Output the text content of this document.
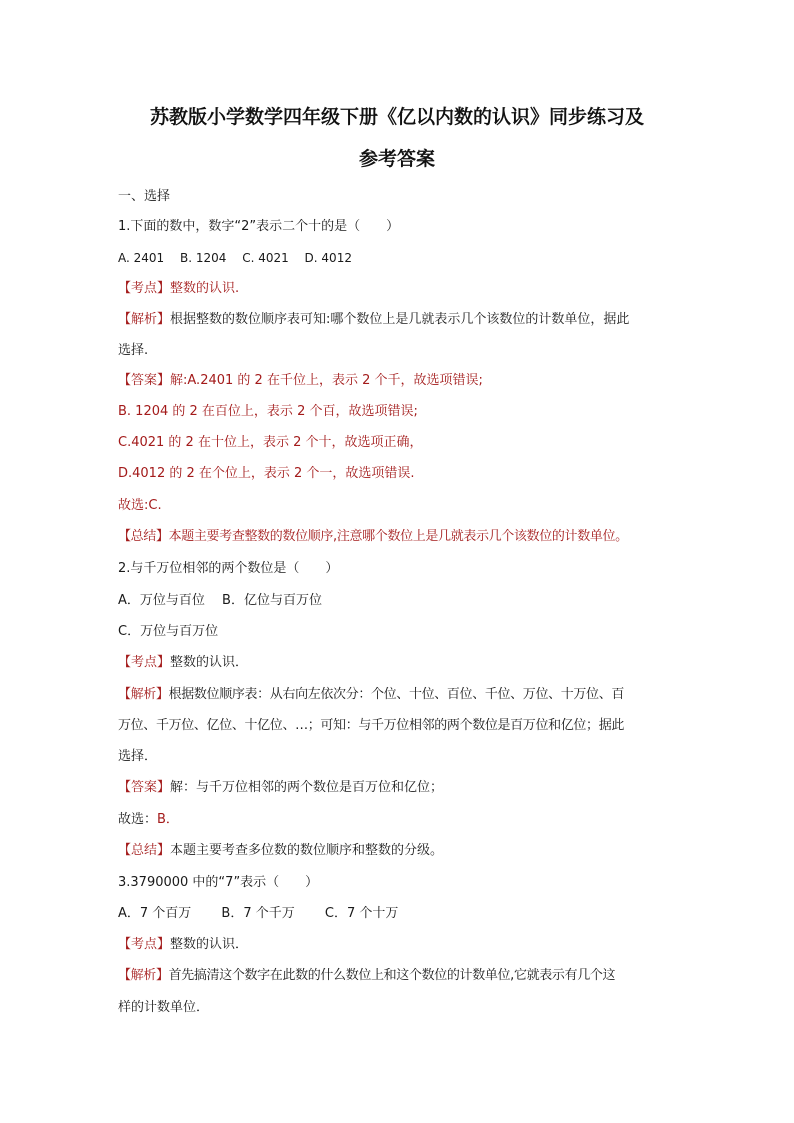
苏教版小学数学四年级下册《亿以内数的认识》同步练习及
参考答案
一、选择
1.下面的数中，数字“2”表示二个十的是（　　）
A. 2401　 B. 1204　 C. 4021　 D. 4012
【考点】整数的认识.
【解析】根据整数的数位顺序表可知:哪个数位上是几就表示几个该数位的计数单位，据此
选择.
【答案】解:A.2401 的 2 在千位上，表示 2 个千，故选项错误;
B. 1204 的 2 在百位上，表示 2 个百，故选项错误;
C.4021 的 2 在十位上，表示 2 个十，故选项正确，
D.4012 的 2 在个位上，表示 2 个一，故选项错误.
故选:C.
【总结】本题主要考查整数的数位顺序,注意哪个数位上是几就表示几个该数位的计数单位。
2.与千万位相邻的两个数位是（　　）
A．万位与百位　 B．亿位与百万位
C．万位与百万位
【考点】整数的认识．
【解析】根据数位顺序表：从右向左依次分：个位、十位、百位、千位、万位、十万位、百
万位、千万位、亿位、十亿位、…；可知：与千万位相邻的两个数位是百万位和亿位；据此
选择．
【答案】解：与千万位相邻的两个数位是百万位和亿位；
故选：B．
【总结】本题主要考查多位数的数位顺序和整数的分级。
3.3790000 中的“7”表示（　　）
A．7 个百万　　 B．7 个千万　　 C．7 个十万
【考点】整数的认识．
【解析】首先搞清这个数字在此数的什么数位上和这个数位的计数单位,它就表示有几个这
样的计数单位．
